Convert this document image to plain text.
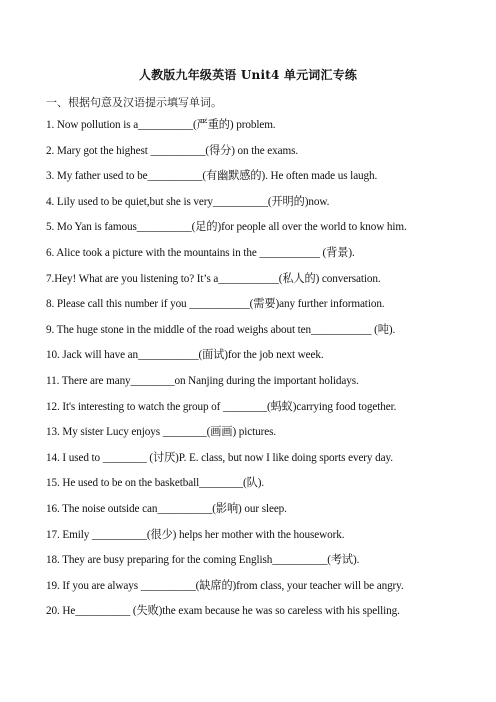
人教版九年级英语 Unit4 单元词汇专练
一、根据句意及汉语提示填写单词。
1. Now pollution is a__________(严重的) problem.
2. Mary got the highest __________(得分) on the exams.
3. My father used to be__________(有幽默感的). He often made us laugh.
4. Lily used to be quiet,but she is very__________(开明的)now.
5. Mo Yan is famous__________(足的)for people all over the world to know him.
6. Alice took a picture with the mountains in the ___________ (背景).
7.Hey! What are you listening to? It’s a___________(私人的) conversation.
8. Please call this number if you ___________(需要)any further information.
9. The huge stone in the middle of the road weighs about ten___________ (吨).
10. Jack will have an___________(面试)for the job next week.
11. There are many________on Nanjing during the important holidays.
12. It's interesting to watch the group of ________(蚂蚁)carrying food together.
13. My sister Lucy enjoys ________(画画) pictures.
14. I used to ________ (讨厌)P. E. class, but now I like doing sports every day.
15. He used to be on the basketball________(队).
16. The noise outside can__________(影响) our sleep.
17. Emily __________(很少) helps her mother with the housework.
18. They are busy preparing for the coming English__________(考试).
19. If you are always __________(缺席的)from class, your teacher will be angry.
20. He__________ (失败)the exam because he was so careless with his spelling.
